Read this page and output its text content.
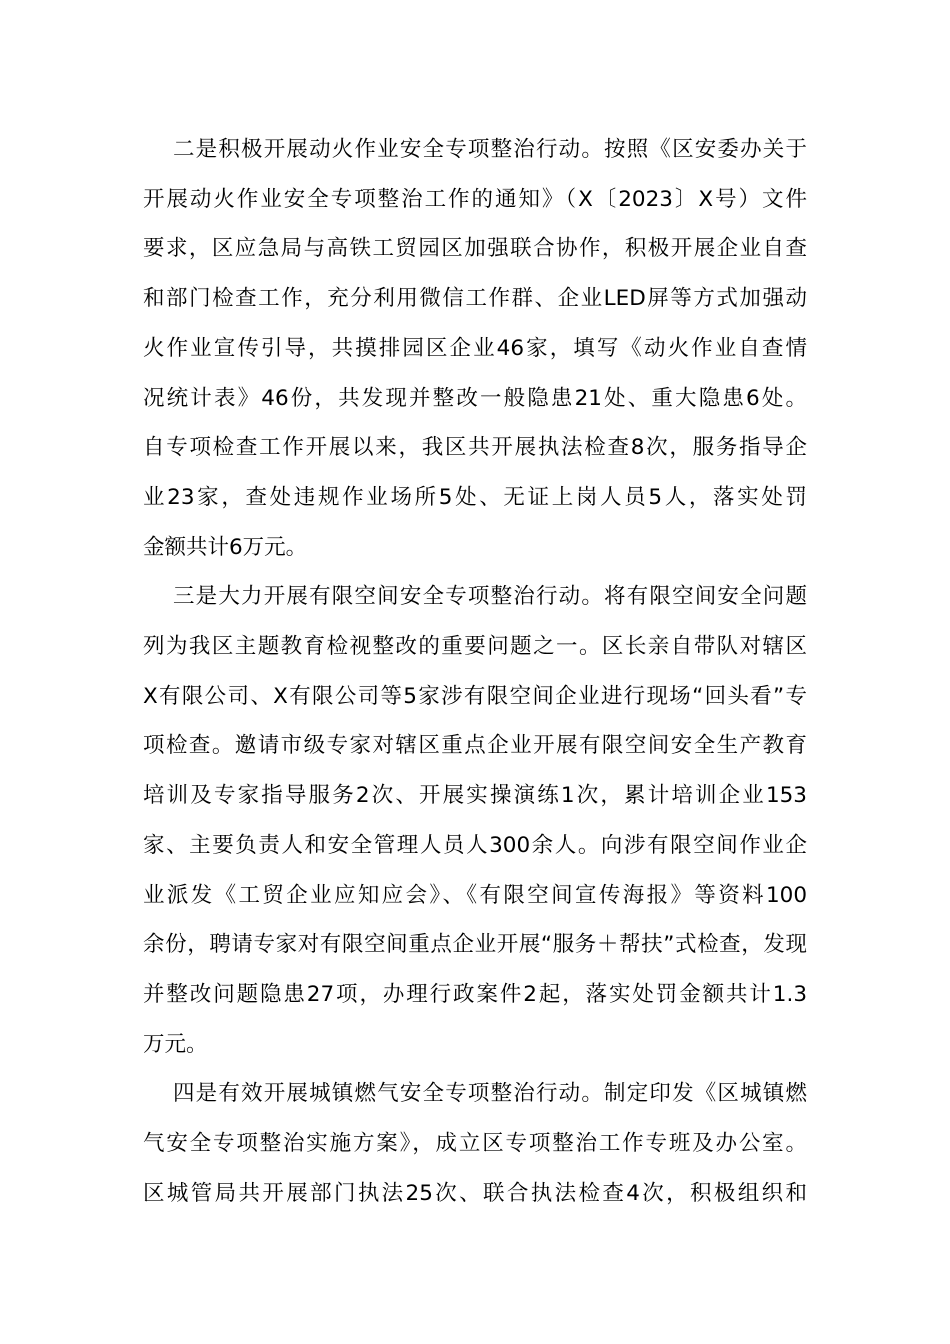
二是积极开展动火作业安全专项整治行动。按照《区安委办关于
开展动火作业安全专项整治工作的通知》（X〔2023〕X号）文件
要求，区应急局与高铁工贸园区加强联合协作，积极开展企业自查
和部门检查工作，充分利用微信工作群、企业LED屏等方式加强动
火作业宣传引导，共摸排园区企业46家，填写《动火作业自查情
况统计表》46份，共发现并整改一般隐患21处、重大隐患6处。
自专项检查工作开展以来，我区共开展执法检查8次，服务指导企
业23家，查处违规作业场所5处、无证上岗人员5人，落实处罚
金额共计6万元。
三是大力开展有限空间安全专项整治行动。将有限空间安全问题
列为我区主题教育检视整改的重要问题之一。区长亲自带队对辖区
X有限公司、X有限公司等5家涉有限空间企业进行现场“回头看”专
项检查。邀请市级专家对辖区重点企业开展有限空间安全生产教育
培训及专家指导服务2次、开展实操演练1次，累计培训企业153
家、主要负责人和安全管理人员人300余人。向涉有限空间作业企
业派发《工贸企业应知应会》、《有限空间宣传海报》等资料100
余份，聘请专家对有限空间重点企业开展“服务＋帮扶”式检查，发现
并整改问题隐患27项，办理行政案件2起，落实处罚金额共计1.3
万元。
四是有效开展城镇燃气安全专项整治行动。制定印发《区城镇燃
气安全专项整治实施方案》，成立区专项整治工作专班及办公室。
区城管局共开展部门执法25次、联合执法检查4次，积极组织和
